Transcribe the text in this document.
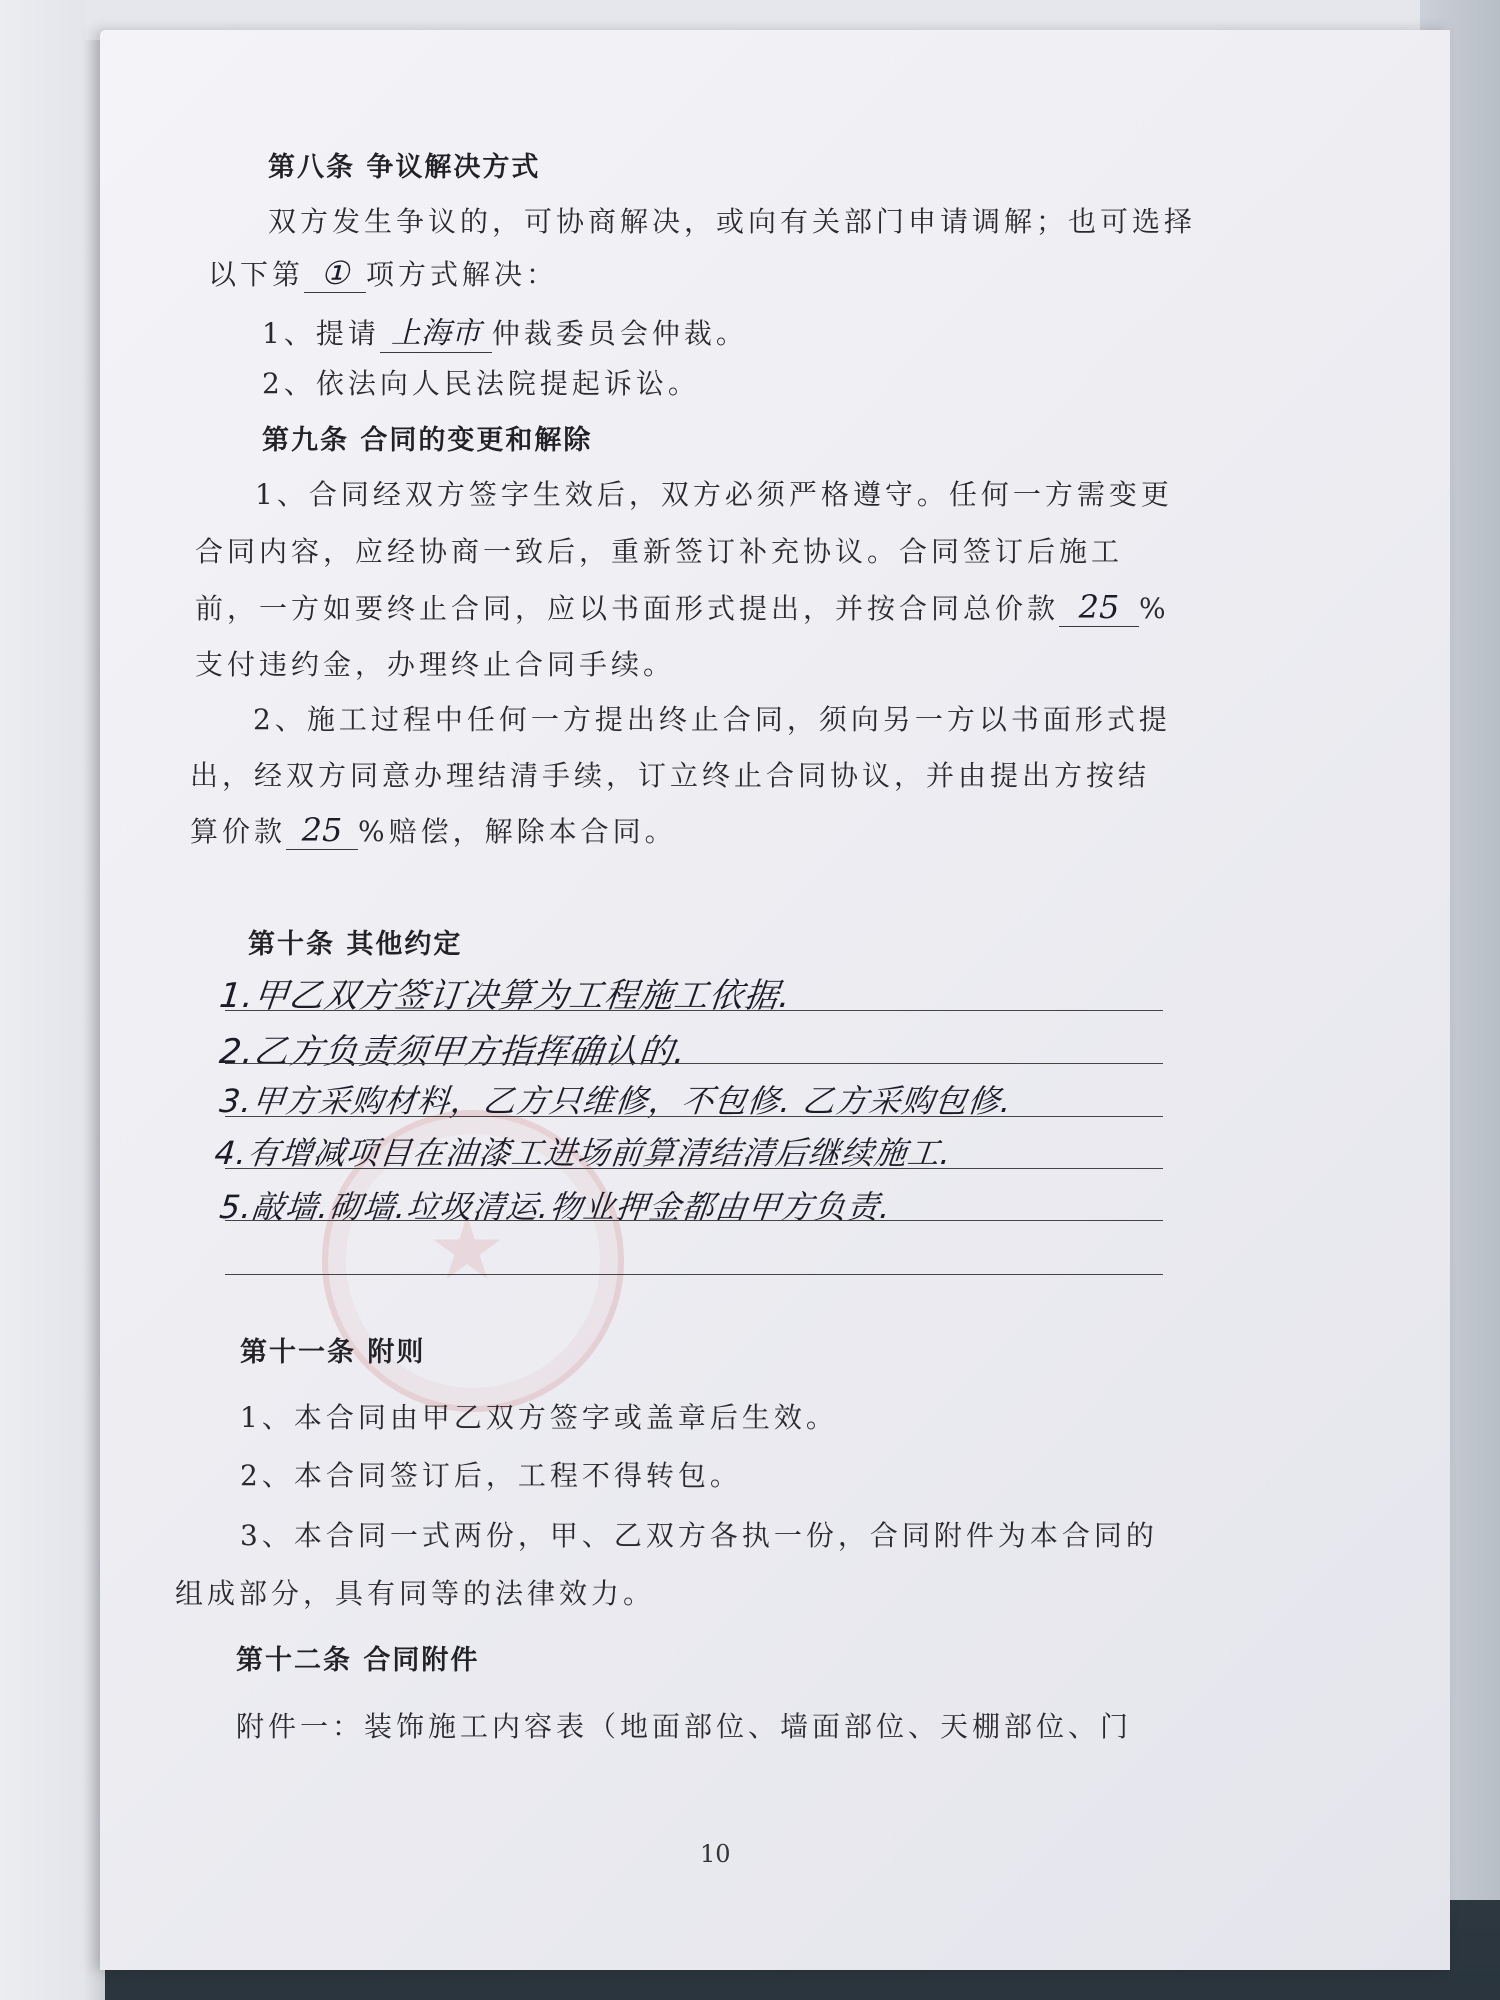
第八条 争议解决方式

双方发生争议的，可协商解决，或向有关部门申请调解；也可选择

以下第 ① 项方式解决：

1、提请 上海市 仲裁委员会仲裁。

2、依法向人民法院提起诉讼。

第九条 合同的变更和解除

1、合同经双方签字生效后，双方必须严格遵守。任何一方需变更

合同内容，应经协商一致后，重新签订补充协议。合同签订后施工

前，一方如要终止合同，应以书面形式提出，并按合同总价款 25 %

支付违约金，办理终止合同手续。

2、施工过程中任何一方提出终止合同，须向另一方以书面形式提

出，经双方同意办理结清手续，订立终止合同协议，并由提出方按结

算价款 25 %赔偿，解除本合同。

第十条 其他约定

1.甲乙双方签订决算为工程施工依据.

2.乙方负责须甲方指挥确认的.

3.甲方采购材料，乙方只维修，不包修. 乙方采购包修.

4.有增减项目在油漆工进场前算清结清后继续施工.

5.敲墙.砌墙.垃圾清运.物业押金都由甲方负责.

第十一条 附则

1、本合同由甲乙双方签字或盖章后生效。

2、本合同签订后，工程不得转包。

3、本合同一式两份，甲、乙双方各执一份，合同附件为本合同的

组成部分，具有同等的法律效力。

第十二条 合同附件

附件一：装饰施工内容表（地面部位、墙面部位、天棚部位、门

10
